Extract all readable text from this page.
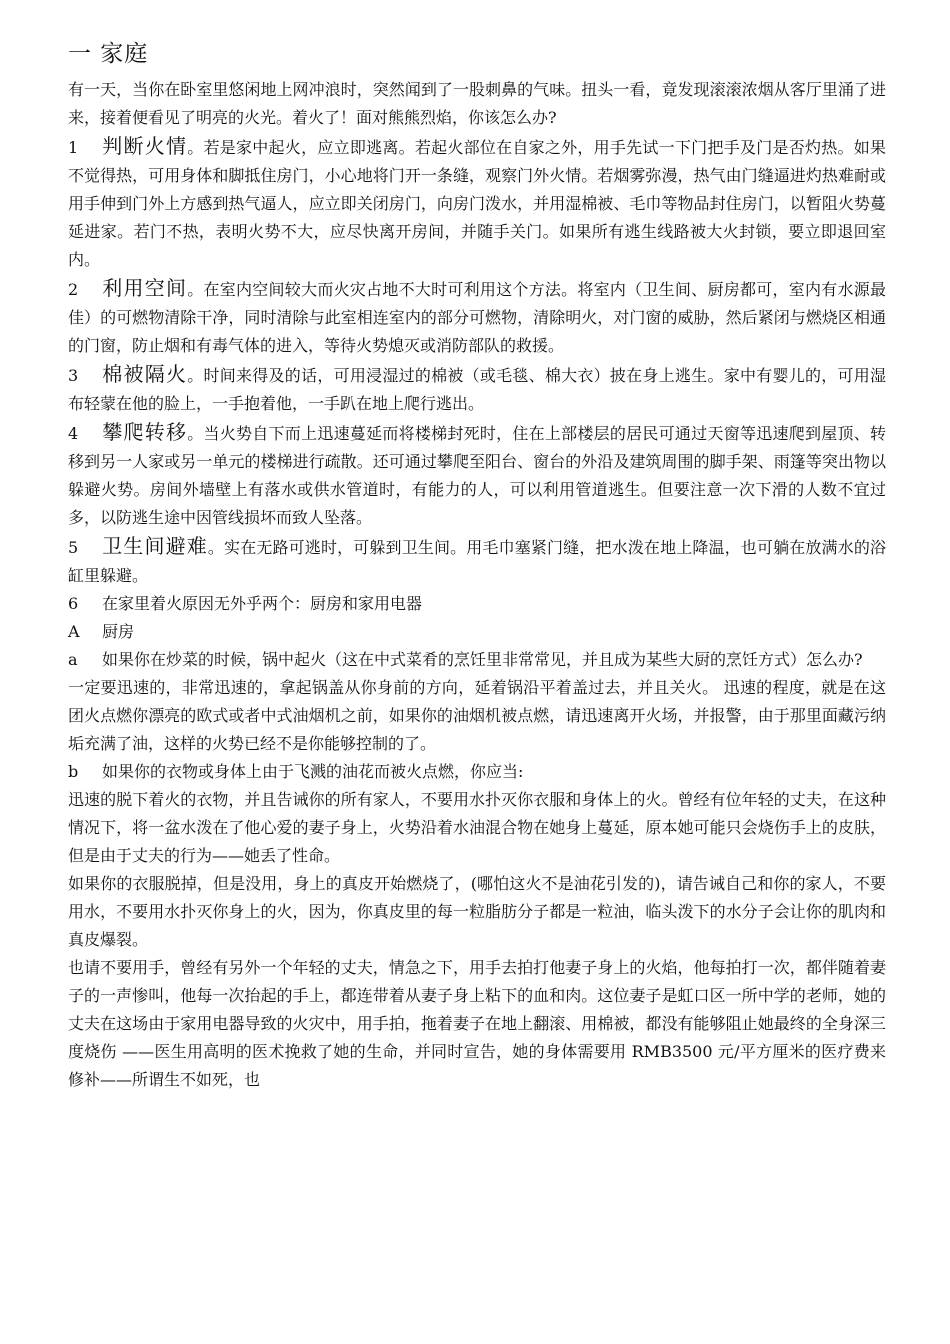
一 家庭

有一天，当你在卧室里悠闲地上网冲浪时，突然闻到了一股刺鼻的气味。扭头一看，竟发现滚滚浓烟从客厅里涌了进来，接着便看见了明亮的火光。着火了！面对熊熊烈焰，你该怎么办?

1 判断火情。若是家中起火，应立即逃离。若起火部位在自家之外，用手先试一下门把手及门是否灼热。如果不觉得热，可用身体和脚抵住房门，小心地将门开一条缝，观察门外火情。若烟雾弥漫，热气由门缝逼进灼热难耐或用手伸到门外上方感到热气逼人，应立即关闭房门，向房门泼水，并用湿棉被、毛巾等物品封住房门，以暂阻火势蔓延进家。若门不热，表明火势不大，应尽快离开房间，并随手关门。如果所有逃生线路被大火封锁，要立即退回室内。

2 利用空间。在室内空间较大而火灾占地不大时可利用这个方法。将室内（卫生间、厨房都可，室内有水源最佳）的可燃物清除干净，同时清除与此室相连室内的部分可燃物，清除明火，对门窗的威胁，然后紧闭与燃烧区相通的门窗，防止烟和有毒气体的进入，等待火势熄灭或消防部队的救援。

3 棉被隔火。时间来得及的话，可用浸湿过的棉被（或毛毯、棉大衣）披在身上逃生。家中有婴儿的，可用湿布轻蒙在他的脸上，一手抱着他，一手趴在地上爬行逃出。

4 攀爬转移。当火势自下而上迅速蔓延而将楼梯封死时，住在上部楼层的居民可通过天窗等迅速爬到屋顶、转移到另一人家或另一单元的楼梯进行疏散。还可通过攀爬至阳台、窗台的外沿及建筑周围的脚手架、雨篷等突出物以躲避火势。房间外墙壁上有落水或供水管道时，有能力的人，可以利用管道逃生。但要注意一次下滑的人数不宜过多，以防逃生途中因管线损坏而致人坠落。

5 卫生间避难。实在无路可逃时，可躲到卫生间。用毛巾塞紧门缝，把水泼在地上降温，也可躺在放满水的浴缸里躲避。

6 在家里着火原因无外乎两个：厨房和家用电器

A 厨房

a 如果你在炒菜的时候，锅中起火（这在中式菜肴的烹饪里非常常见，并且成为某些大厨的烹饪方式）怎么办?

一定要迅速的，非常迅速的，拿起锅盖从你身前的方向，延着锅沿平着盖过去，并且关火。 迅速的程度，就是在这团火点燃你漂亮的欧式或者中式油烟机之前，如果你的油烟机被点燃，请迅速离开火场，并报警，由于那里面藏污纳垢充满了油，这样的火势已经不是你能够控制的了。

b 如果你的衣物或身体上由于飞溅的油花而被火点燃，你应当:

迅速的脱下着火的衣物，并且告诫你的所有家人，不要用水扑灭你衣服和身体上的火。曾经有位年轻的丈夫，在这种情况下，将一盆水泼在了他心爱的妻子身上，火势沿着水油混合物在她身上蔓延，原本她可能只会烧伤手上的皮肤，但是由于丈夫的行为——她丢了性命。

如果你的衣服脱掉，但是没用，身上的真皮开始燃烧了，(哪怕这火不是油花引发的)，请告诫自己和你的家人，不要用水，不要用水扑灭你身上的火，因为，你真皮里的每一粒脂肪分子都是一粒油，临头泼下的水分子会让你的肌肉和真皮爆裂。

也请不要用手，曾经有另外一个年轻的丈夫，情急之下，用手去拍打他妻子身上的火焰，他每拍打一次，都伴随着妻子的一声惨叫，他每一次抬起的手上，都连带着从妻子身上粘下的血和肉。这位妻子是虹口区一所中学的老师，她的丈夫在这场由于家用电器导致的火灾中，用手拍，拖着妻子在地上翻滚、用棉被，都没有能够阻止她最终的全身深三度烧伤 ——医生用高明的医术挽救了她的生命，并同时宣告，她的身体需要用 RMB3500 元/平方厘米的医疗费来修补——所谓生不如死，也
